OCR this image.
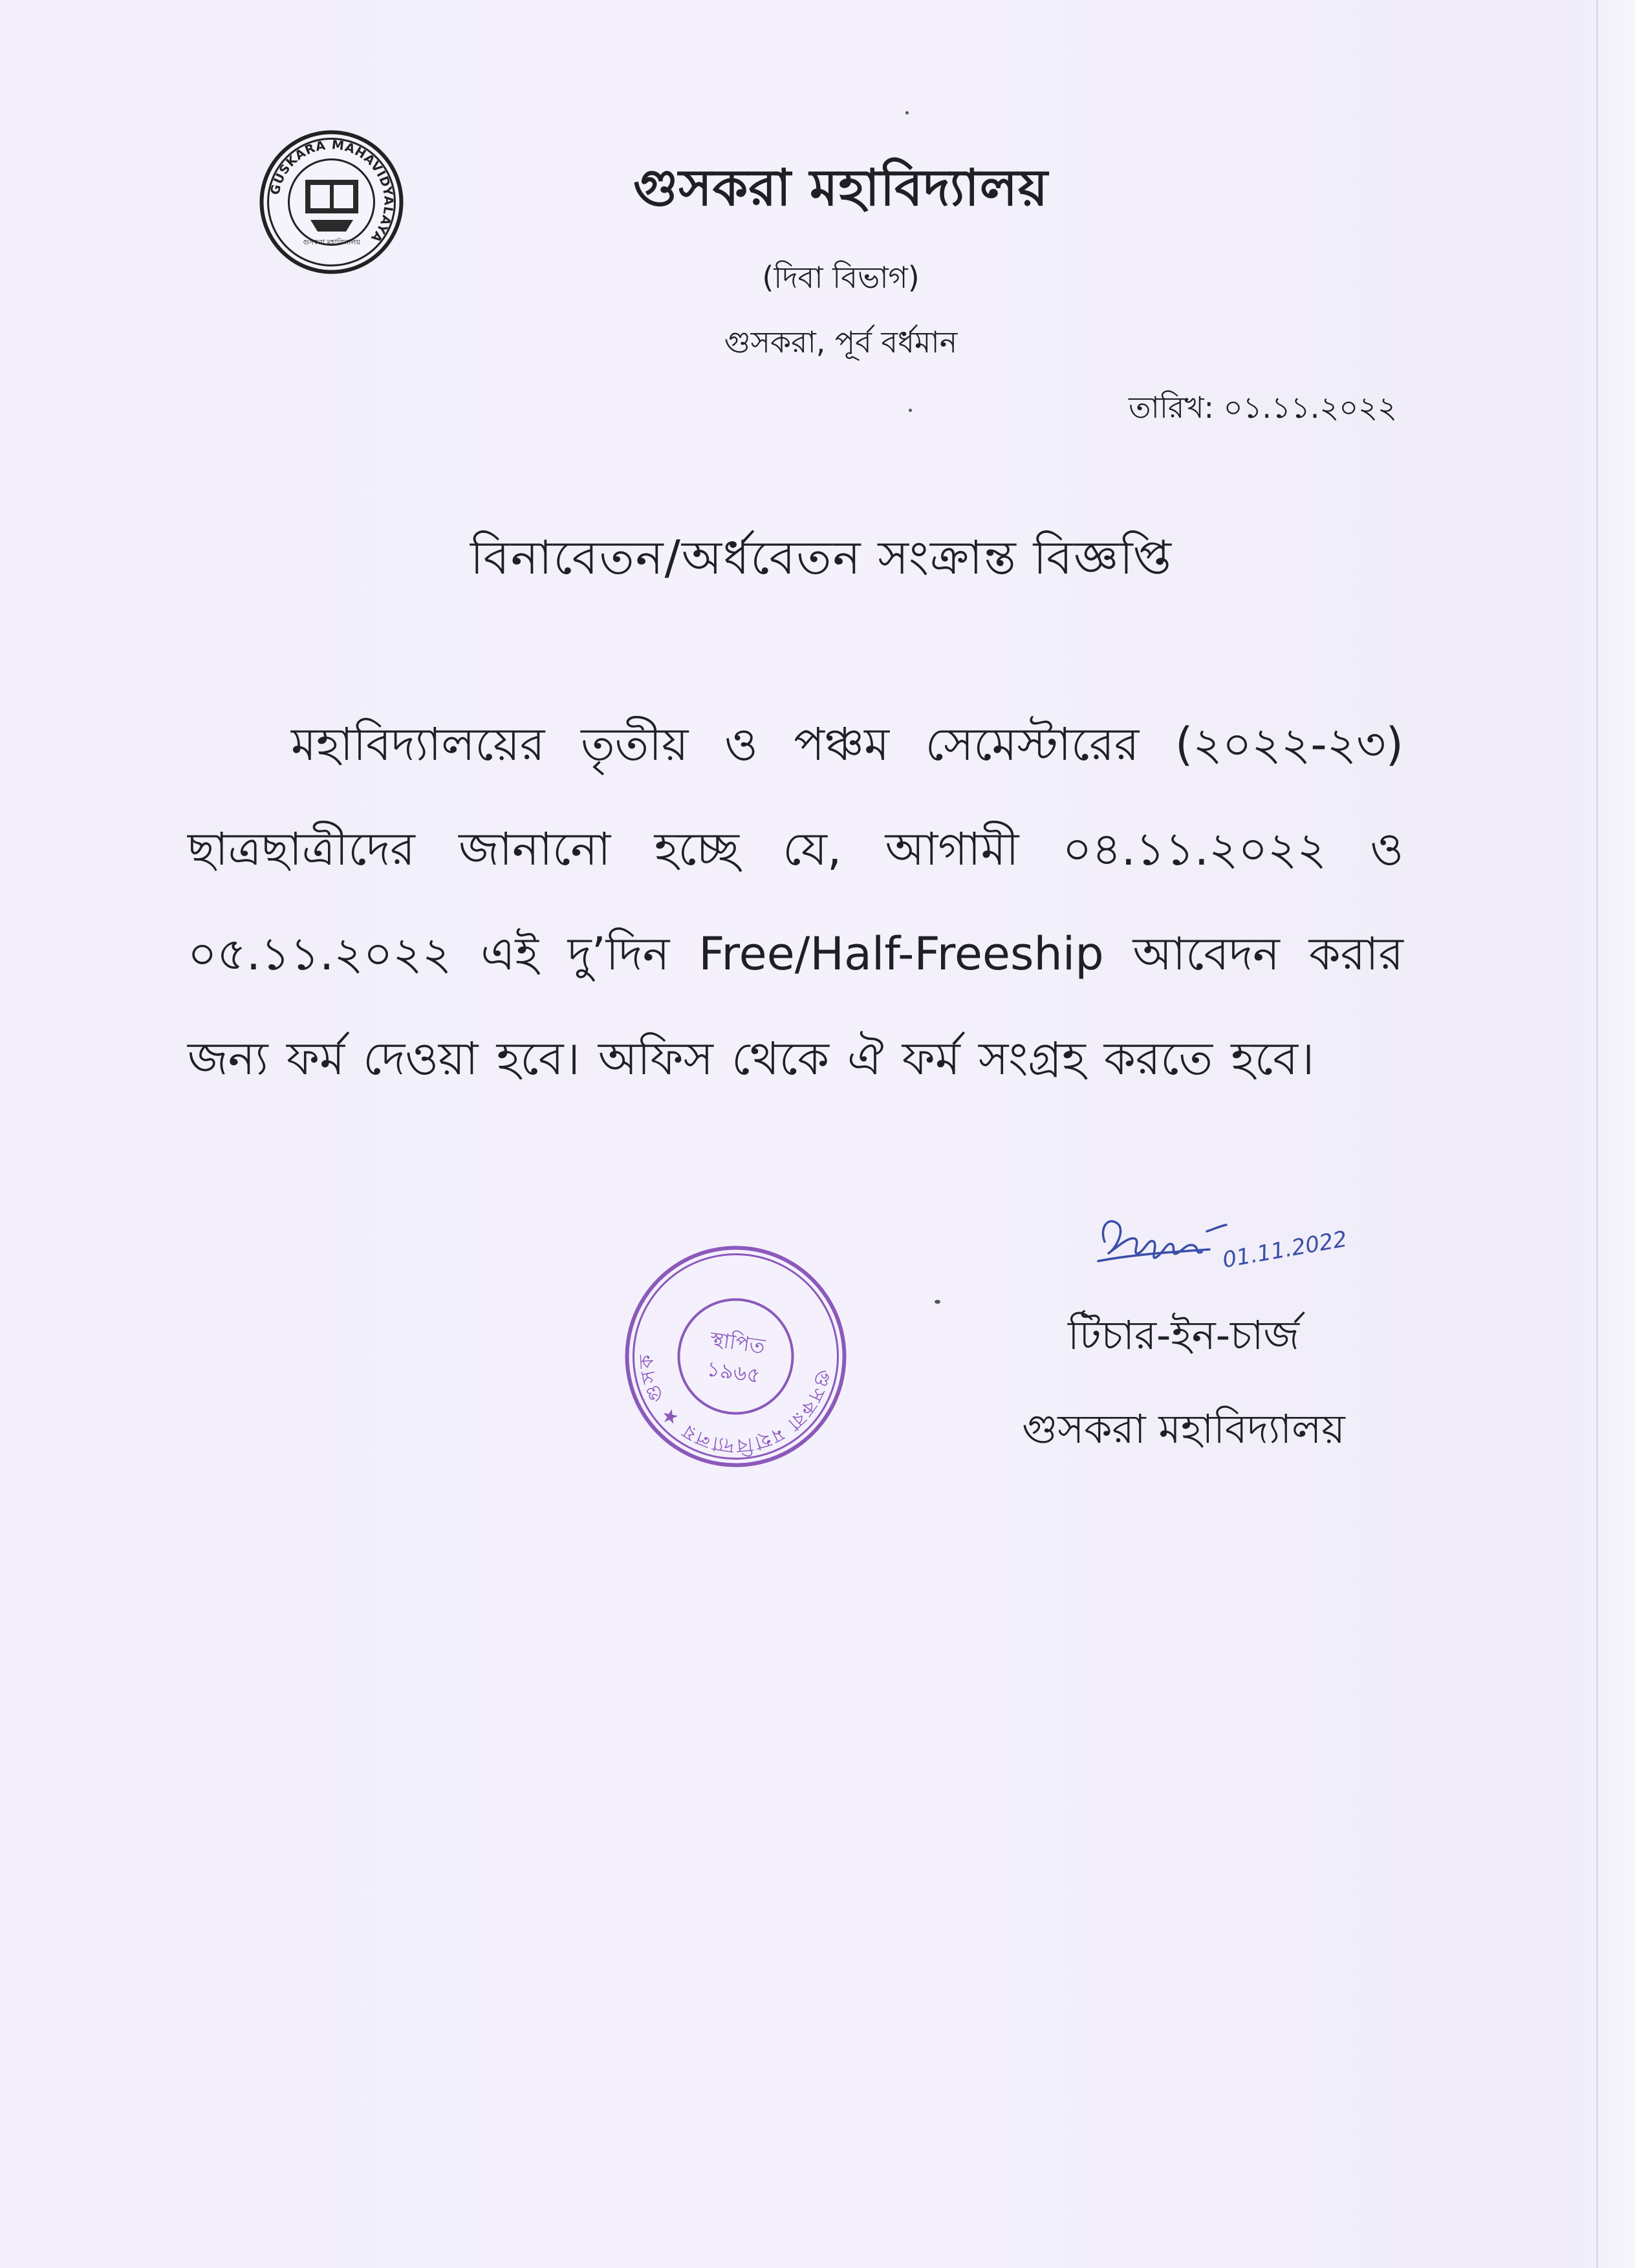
GUSKARA MAHAVIDYALAYA
গুসকরা মহাবিদ্যালয়
গুসকরা মহাবিদ্যালয়
(দিবা বিভাগ)
গুসকরা, পূর্ব বর্ধমান
তারিখ: ০১.১১.২০২২
বিনাবেতন/অর্ধবেতন সংক্রান্ত বিজ্ঞপ্তি
মহাবিদ্যালয়ের তৃতীয় ও পঞ্চম সেমেস্টারের (২০২২-২৩) ছাত্রছাত্রীদের জানানো হচ্ছে যে, আগামী ০৪.১১.২০২২ ও ০৫.১১.২০২২ এই দু’দিন Free/Half-Freeship আবেদন করার জন্য ফর্ম দেওয়া হবে। অফিস থেকে ঐ ফর্ম সংগ্রহ করতে হবে।
গুসকরা মহাবিদ্যালয় ★ গুসকরা,
স্থাপিত
১৯৬৫
01.11.2022
টিচার-ইন-চার্জ
গুসকরা মহাবিদ্যালয়
